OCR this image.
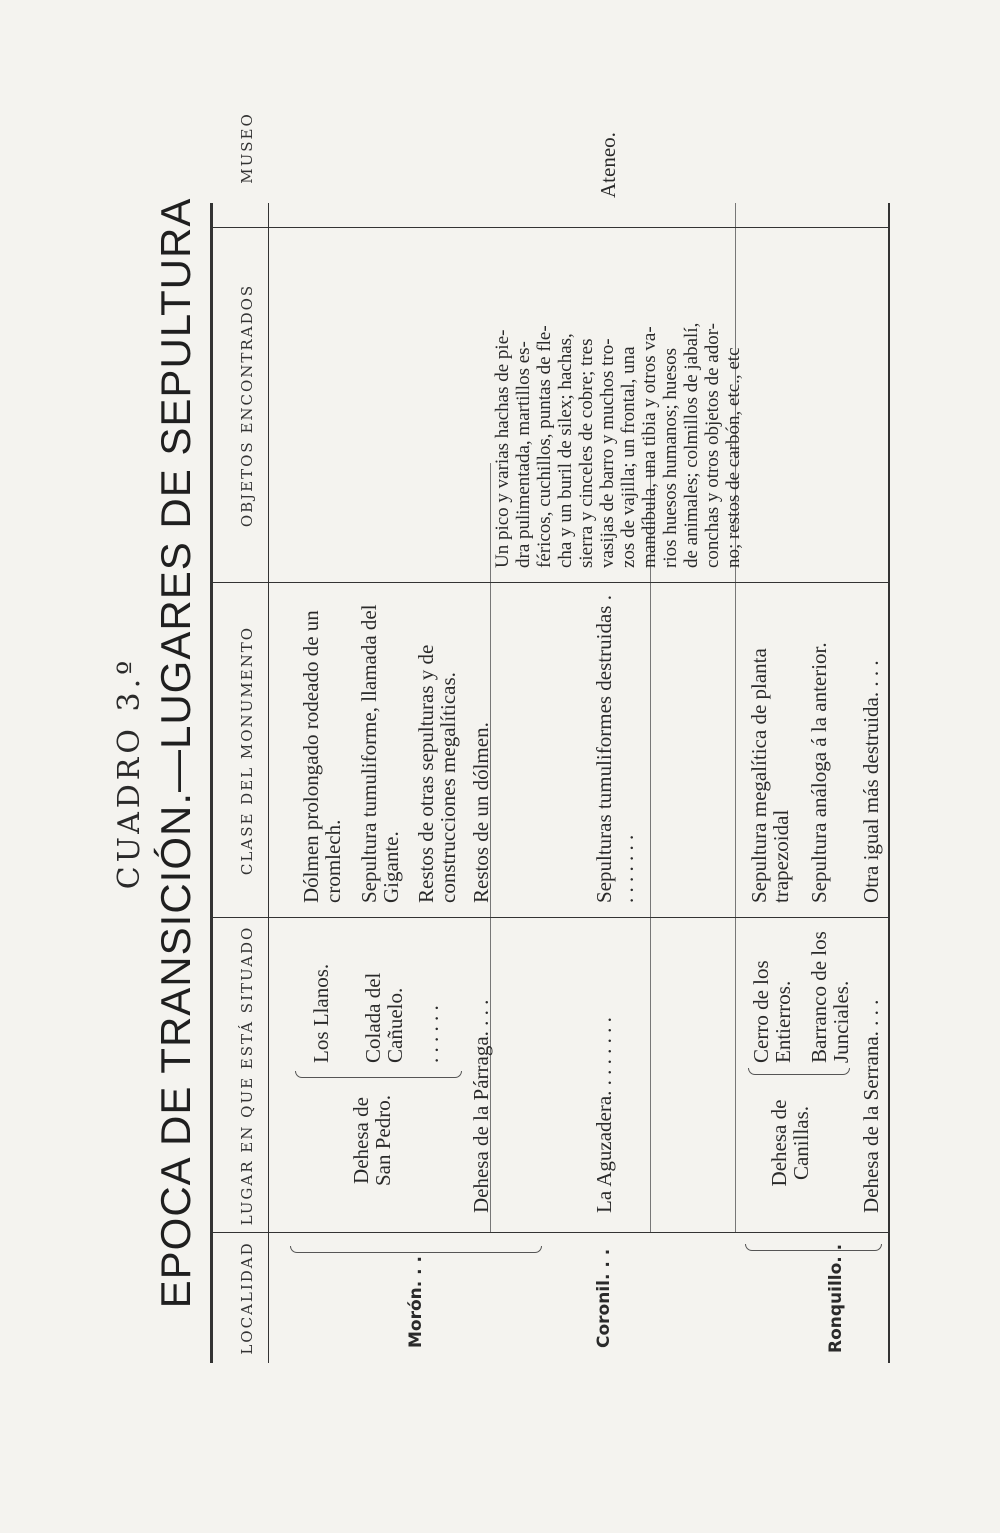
CUADRO 3.º EPOCA DE TRANSICIÓN.—LUGARES DE SEPULTURA	LOCALIDAD
LUGAR EN QUE ESTÁ SITUADO
CLASE DEL MONUMENTO
OBJETOS ENCONTRADOS
MUSEO
Morón. . .
Dehesa de San Pedro.
Los Llanos. Colada del Cañuelo. . . . . . .
Dólmen prolongado rodeado de un cromlech. Sepultura tumuliforme, llamada del Gigante. Restos de otras sepulturas y de construcciones megalíticas.
Dehesa de la Párraga. . . .
Restos de un dólmen.
Coronil. . .
La Aguzadera. . . . . . . .
Sepulturas tumuliformes destruidas . . . . . . . .
Un pico y varias hachas de pie- dra pulimentada, martillos es- féricos, cuchillos, puntas de fle- cha y un buril de silex; hachas, sierra y cinceles de cobre; tres vasijas de barro y muchos tro- zos de vajilla; un frontal, una mandíbula, una tibia y otros va- rios huesos humanos; huesos de animales; colmillos de jabalí, conchas y otros objetos de ador- no; restos de carbón, etc., etc
Ateneo.
Ronquillo. .
Dehesa de Canillas.
Cerro de los Entierros. Barranco de los Junciales.
Sepultura megalítica de planta trapezoidal Sepultura análoga á la anterior.
Dehesa de la Serrana. . . .
Otra igual más destruida. . . .
